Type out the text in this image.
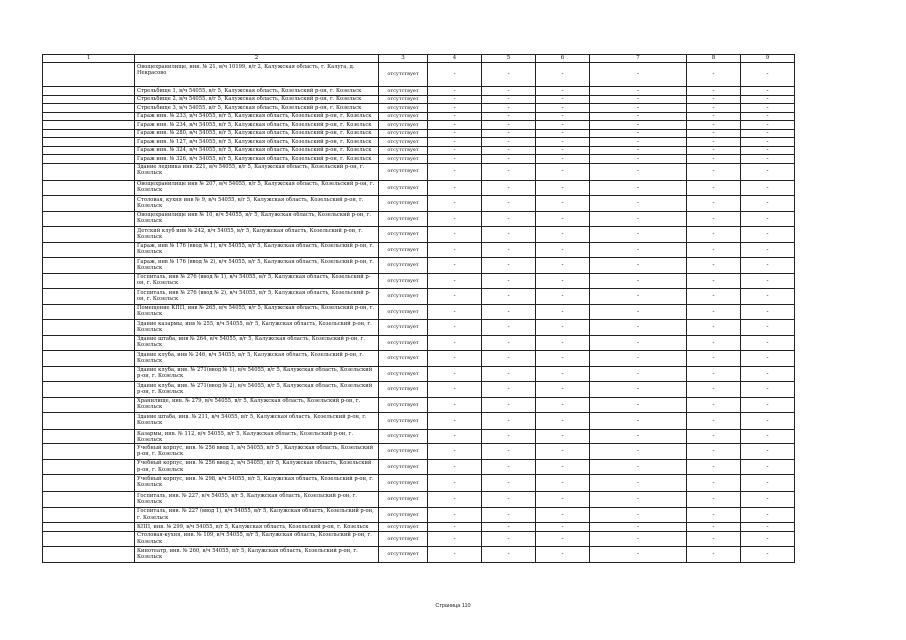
1	2	3	4	5	6	7	8	9
	Овощехранилище, инв. № 21, в/ч 10199, в/г 2, Калужская область, г. Калуга, д. Некрасово	отсутствует	-	-	-	-	-	-
	Стрельбище 1, в/ч 54055, в/г 5, Калужская область, Козельский р-он, г. Козельск	отсутствует	-	-	-	-	-	-
	Стрельбище 2, в/ч 54055, в/г 5, Калужская область, Козельский р-он, г. Козельск	отсутствует	-	-	-	-	-	-
	Стрельбище 3, в/ч 54055, в/г 5, Калужская область, Козельский р-он, г. Козельск	отсутствует	-	-	-	-	-	-
	Гараж инв. № 233, в/ч 54055, в/г 5, Калужская область, Козельский р-он, г. Козельск	отсутствует	-	-	-	-	-	-
	Гараж инв. № 234, в/ч 54055, в/г 5, Калужская область, Козельский р-он, г. Козельск	отсутствует	-	-	-	-	-	-
	Гараж инв. № 280, в/ч 54055, в/г 5, Калужская область, Козельский р-он, г. Козельск	отсутствует	-	-	-	-	-	-
	Гараж инв. № 127, в/ч 54055, в/г 5, Калужская область, Козельский р-он, г. Козельск	отсутствует	-	-	-	-	-	-
	Гараж инв. № 324, в/ч 54055, в/г 5, Калужская область, Козельский р-он, г. Козельск	отсутствует	-	-	-	-	-	-
	Гараж инв. № 326, в/ч 54055, в/г 5, Калужская область, Козельский р-он, г. Козельск	отсутствует	-	-	-	-	-	-
	Здание ледника инв. 221, в/ч 54055, в/г 5, Калужская область, Козельский р-он, г. Козельск	отсутствует	-	-	-	-	-	-
	Овощехранилище инв № 207, в/ч 54055, в/г 5, Калужская область, Козельский р-он, г. Козельск	отсутствует	-	-	-	-	-	-
	Столовая, кухня инв № 9, в/ч 54055, в/г 5, Калужская область, Козельский р-он, г. Козельск	отсутствует	-	-	-	-	-	-
	Овощехранилище инв № 10, в/ч 54055, в/г 5, Калужская область, Козельский р-он, г. Козельск	отсутствует	-	-	-	-	-	-
	Детский клуб инв № 242, в/ч 54055, в/г 5, Калужская область, Козельский р-он, г. Козельск	отсутствует	-	-	-	-	-	-
	Гараж, инв № 176 (ввод № 1), в/ч 54055, в/г 5, Калужская область, Козельский р-он, г. Козельск	отсутствует	-	-	-	-	-	-
	Гараж, инв № 176 (ввод № 2), в/ч 54055, в/г 5, Калужская область, Козельский р-он, г. Козельск	отсутствует	-	-	-	-	-	-
	Госпиталь, инв № 276 (ввод № 1), в/ч 54055, в/г 5, Калужская область, Козельский р-он, г. Козельск	отсутствует	-	-	-	-	-	-
	Госпиталь, инв № 276 (ввод № 2), в/ч 54055, в/г 5, Калужская область, Козельский р-он, г. Козельск	отсутствует	-	-	-	-	-	-
	Помещение КПП, инв № 265, в/ч 54055, в/г 5, Калужская область, Козельский р-он, г. Козельск	отсутствует	-	-	-	-	-	-
	Здание казармы, инв № 255, в/ч 54055, в/г 5, Калужская область, Козельский р-он, г. Козельск	отсутствует	-	-	-	-	-	-
	Здание штаба, инв № 264, в/ч 54055, в/г 5, Калужская область, Козельский р-он, г. Козельск	отсутствует	-	-	-	-	-	-
	Здание клуба, инв № 246, в/ч 54055, в/г 5, Калужская область, Козельский р-он, г. Козельск	отсутствует	-	-	-	-	-	-
	Здание клуба, инв. № 271(ввод № 1), в/ч 54055, в/г 5, Калужская область, Козельский р-он, г. Козельск	отсутствует	-	-	-	-	-	-
	Здание клуба, инв. № 271(ввод № 2), в/ч 54055, в/г 5, Калужская область, Козельский р-он, г. Козельск	отсутствует	-	-	-	-	-	-
	Хранилище, инв. № 279, в/ч 54055, в/г 5, Калужская область, Козельский р-он, г. Козельск	отсутствует	-	-	-	-	-	-
	Здание штаба, инв. № 211, в/ч 54055, в/г 5, Калужская область, Козельский р-он, г. Козельск	отсутствует	-	-	-	-	-	-
	Казармы, инв. № 112, в/ч 54055, в/г 5, Калужская область, Козельский р-он, г. Козельск	отсутствует	-	-	-	-	-	-
	Учебный корпус, инв. № 256 ввод 1, в/ч 54055, в/г 5 , Калужская область, Козельский р-он, г. Козельск	отсутствует	-	-	-	-	-	-
	Учебный корпус, инв. № 256 ввод 2, в/ч 54055, в/г 5, Калужская область, Козельский р-он, г. Козельск	отсутствует	-	-	-	-	-	-
	Учебный корпус, инв. № 298, в/ч 54055, в/г 5, Калужская область, Козельский р-он, г. Козельск	отсутствует	-	-	-	-	-	-
	Госпиталь, инв. № 227, в/ч 54055, в/г 5, Калужская область, Козельский р-он, г. Козельск	отсутствует	-	-	-	-	-	-
	Госпиталь, инв. № 227 (ввод 1), в/ч 54055, в/г 5, Калужская область, Козельский р-он, г. Козельск	отсутствует	-	-	-	-	-	-
	КПП, инв. № 299, в/ч 54055, в/г 5, Калужская область, Козельский р-он, г. Козельск	отсутствует	-	-	-	-	-	-
	Столовая-кухня, инв. № 109, в/ч 54055, в/г 5, Калужская область, Козельский р-он, г. Козельск	отсутствует	-	-	-	-	-	-
	Кинотеатр, инв. № 260, в/ч 54055, в/г 5, Калужская область, Козельский р-он, г. Козельск	отсутствует	-	-	-	-	-	-
Страница 110
